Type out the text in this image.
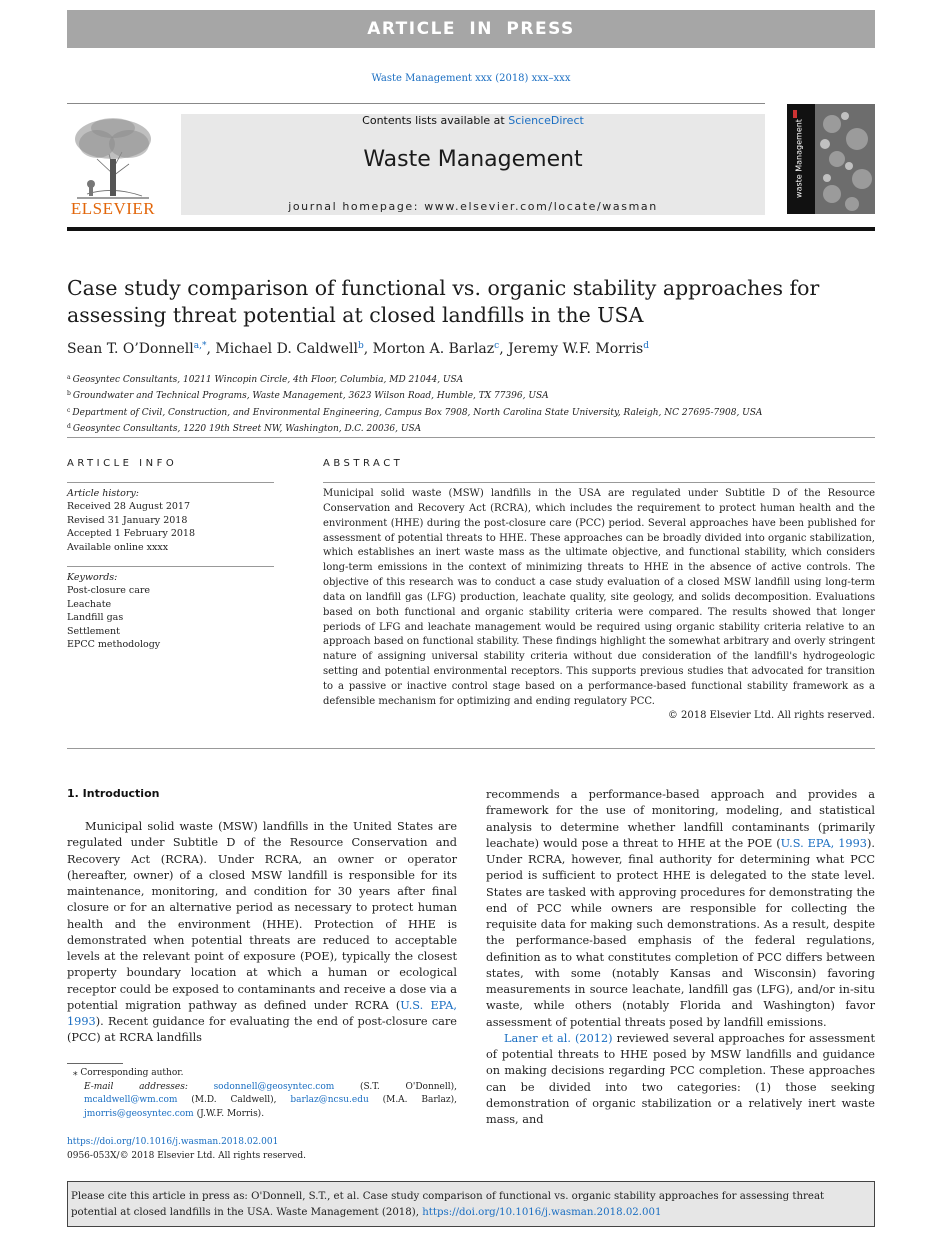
ARTICLE IN PRESS
Waste Management xxx (2018) xxx–xxx
ELSEVIER
Contents lists available at ScienceDirect
Waste Management
journal homepage: www.elsevier.com/locate/wasman
waste Management
Case study comparison of functional vs. organic stability approaches for assessing threat potential at closed landfills in the USA
Sean T. O’Donnell$^{a,*}$, Michael D. Caldwell$^b$, Morton A. Barlaz$^c$, Jeremy W.F. Morris$^d$
$^a$ Geosyntec Consultants, 10211 Wincopin Circle, 4th Floor, Columbia, MD 21044, USA
$^b$ Groundwater and Technical Programs, Waste Management, 3623 Wilson Road, Humble, TX 77396, USA
$^c$ Department of Civil, Construction, and Environmental Engineering, Campus Box 7908, North Carolina State University, Raleigh, NC 27695-7908, USA
$^d$ Geosyntec Consultants, 1220 19th Street NW, Washington, D.C. 20036, USA
ARTICLE INFO
Article history:
Received 28 August 2017
Revised 31 January 2018
Accepted 1 February 2018
Available online xxxx
Keywords:
Post-closure care
Leachate
Landfill gas
Settlement
EPCC methodology
ABSTRACT
Municipal solid waste (MSW) landfills in the USA are regulated under Subtitle D of the Resource Conservation and Recovery Act (RCRA), which includes the requirement to protect human health and the environment (HHE) during the post-closure care (PCC) period. Several approaches have been published for assessment of potential threats to HHE. These approaches can be broadly divided into organic stabilization, which establishes an inert waste mass as the ultimate objective, and functional stability, which considers long-term emissions in the context of minimizing threats to HHE in the absence of active controls. The objective of this research was to conduct a case study evaluation of a closed MSW landfill using long-term data on landfill gas (LFG) production, leachate quality, site geology, and solids decomposition. Evaluations based on both functional and organic stability criteria were compared. The results showed that longer periods of LFG and leachate management would be required using organic stability criteria relative to an approach based on functional stability. These findings highlight the somewhat arbitrary and overly stringent nature of assigning universal stability criteria without due consideration of the landfill's hydrogeologic setting and potential environmental receptors. This supports previous studies that advocated for transition to a passive or inactive control stage based on a performance-based functional stability framework as a defensible mechanism for optimizing and ending regulatory PCC.
© 2018 Elsevier Ltd. All rights reserved.
1. Introduction

Municipal solid waste (MSW) landfills in the United States are regulated under Subtitle D of the Resource Conservation and Recovery Act (RCRA). Under RCRA, an owner or operator (hereafter, owner) of a closed MSW landfill is responsible for its maintenance, monitoring, and condition for 30 years after final closure or for an alternative period as necessary to protect human health and the environment (HHE). Protection of HHE is demonstrated when potential threats are reduced to acceptable levels at the relevant point of exposure (POE), typically the closest property boundary location at which a human or ecological receptor could be exposed to contaminants and receive a dose via a potential migration pathway as defined under RCRA (U.S. EPA, 1993). Recent guidance for evaluating the end of post-closure care (PCC) at RCRA landfills

recommends a performance-based approach and provides a framework for the use of monitoring, modeling, and statistical analysis to determine whether landfill contaminants (primarily leachate) would pose a threat to HHE at the POE (U.S. EPA, 1993). Under RCRA, however, final authority for determining what PCC period is sufficient to protect HHE is delegated to the state level. States are tasked with approving procedures for demonstrating the end of PCC while owners are responsible for collecting the requisite data for making such demonstrations. As a result, despite the performance-based emphasis of the federal regulations, definition as to what constitutes completion of PCC differs between states, with some (notably Kansas and Wisconsin) favoring measurements in source leachate, landfill gas (LFG), and/or in-situ waste, while others (notably Florida and Washington) favor assessment of potential threats posed by landfill emissions.

Laner et al. (2012) reviewed several approaches for assessment of potential threats to HHE posed by MSW landfills and guidance on making decisions regarding PCC completion. These approaches can be divided into two categories: (1) those seeking demonstration of organic stabilization or a relatively inert waste mass, and

⁎ Corresponding author.
E-mail addresses:	sodonnell@geosyntec.com	(S.T. O'Donnell), mcaldwell@wm.com (M.D. Caldwell), barlaz@ncsu.edu (M.A. Barlaz), jmorris@geosyntec.com (J.W.F. Morris).
https://doi.org/10.1016/j.wasman.2018.02.001
0956-053X/© 2018 Elsevier Ltd. All rights reserved.
Please cite this article in press as: O'Donnell, S.T., et al. Case study comparison of functional vs. organic stability approaches for assessing threat potential at closed landfills in the USA. Waste Management (2018), https://doi.org/10.1016/j.wasman.2018.02.001
